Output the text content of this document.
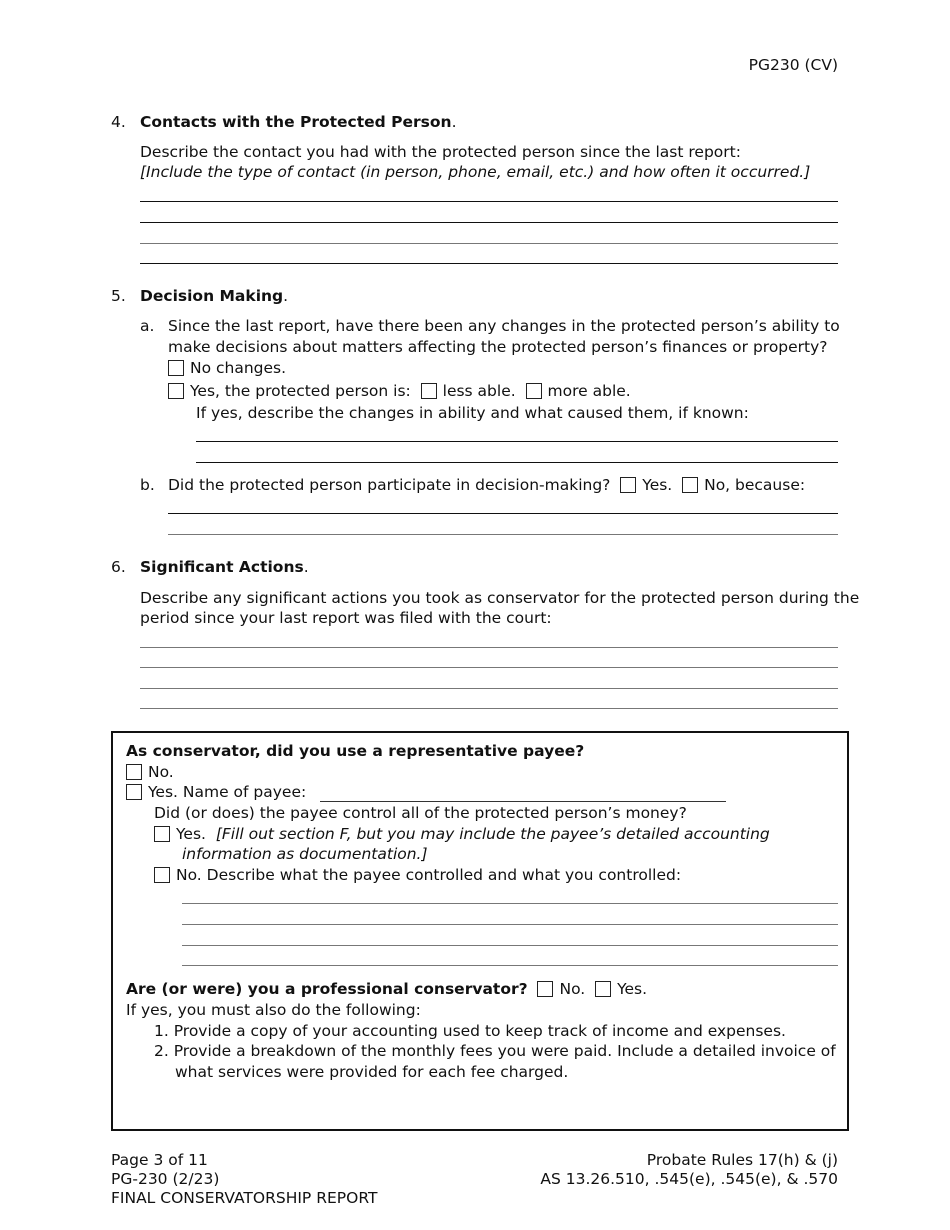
PG230 (CV)
4. Contacts with the Protected Person.
Describe the contact you had with the protected person since the last report:
[Include the type of contact (in person, phone, email, etc.) and how often it occurred.]
5. Decision Making.
a. Since the last report, have there been any changes in the protected person’s ability to
make decisions about matters affecting the protected person’s finances or property?
No changes.
Yes, the protected person is: less able. more able.
If yes, describe the changes in ability and what caused them, if known:
b. Did the protected person participate in decision-making? Yes. No, because:
6. Significant Actions.
Describe any significant actions you took as conservator for the protected person during the
period since your last report was filed with the court:
As conservator, did you use a representative payee?
No.
Yes. Name of payee:
Did (or does) the payee control all of the protected person’s money?
Yes. [Fill out section F, but you may include the payee’s detailed accounting
information as documentation.]
No. Describe what the payee controlled and what you controlled:
Are (or were) you a professional conservator? No. Yes.
If yes, you must also do the following:
1. Provide a copy of your accounting used to keep track of income and expenses.
2. Provide a breakdown of the monthly fees you were paid. Include a detailed invoice of
what services were provided for each fee charged.
Page 3 of 11
PG-230 (2/23)
FINAL CONSERVATORSHIP REPORT
Probate Rules 17(h) & (j)
AS 13.26.510, .545(e), .545(e), & .570
